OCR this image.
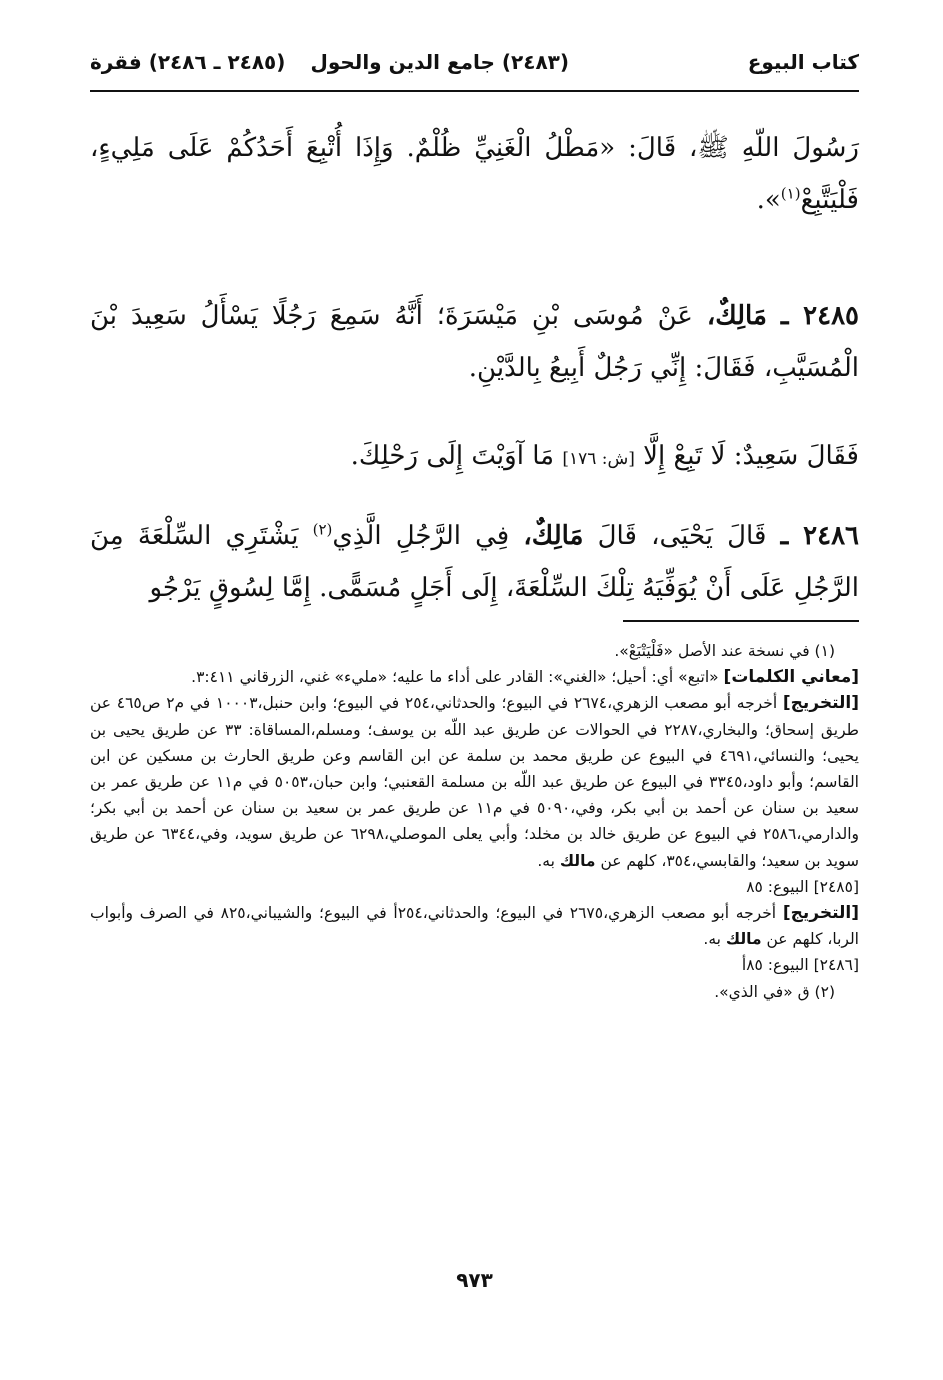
كتاب البيوع
(٢٤٨٣) جامع الدين والحول
(٢٤٨٥ ـ ٢٤٨٦) فقرة

رَسُولَ اللّهِ ﷺ، قَالَ: «مَطْلُ الْغَنِيِّ ظُلْمٌ. وَإِذَا أُتْبِعَ أَحَدُكُمْ عَلَى مَلِيءٍ، فَلْيَتَّبِعْ$^{(١)}$».

٢٤٨٥ ـ مَالِكٌ، عَنْ مُوسَى بْنِ مَيْسَرَةَ؛ أَنَّهُ سَمِعَ رَجُلًا يَسْأَلُ سَعِيدَ بْنَ الْمُسَيَّبِ، فَقَالَ: إِنِّي رَجُلٌ أَبِيعُ بِالدَّيْنِ.

فَقَالَ سَعِيدٌ: لَا تَبِعْ إِلَّا [ش: ١٧٦] مَا آوَيْتَ إِلَى رَحْلِكَ.

٢٤٨٦ ـ قَالَ يَحْيَى، قَالَ مَالِكٌ، فِي الرَّجُلِ الَّذِي$^{(٢)}$ يَشْتَرِي السِّلْعَةَ مِنَ الرَّجُلِ عَلَى أَنْ يُوَفِّيَهُ تِلْكَ السِّلْعَةَ، إِلَى أَجَلٍ مُسَمًّى. إِمَّا لِسُوقٍ يَرْجُو

(١) في نسخة عند الأصل «فَلْيَتْبَعْ».

[معاني الكلمات] «اتبع» أي: أحيل؛ «الغني»: القادر على أداء ما عليه؛ «مليء» غني، الزرقاني ٣:٤١١.

[التخريج] أخرجه أبو مصعب الزهري،٢٦٧٤ في البيوع؛ والحدثاني،٢٥٤ في البيوع؛ وابن حنبل،١٠٠٠٣ في م٢ ص٤٦٥ عن طريق إسحاق؛ والبخاري،٢٢٨٧ في الحوالات عن طريق عبد اللّه بن يوسف؛ ومسلم،المساقاة: ٣٣ عن طريق يحيى بن يحيى؛ والنسائي،٤٦٩١ في البيوع عن طريق محمد بن سلمة عن ابن القاسم وعن طريق الحارث بن مسكين عن ابن القاسم؛ وأبو داود،٣٣٤٥ في البيوع عن طريق عبد اللّه بن مسلمة القعنبي؛ وابن حبان،٥٠٥٣ في م١١ عن طريق عمر بن سعيد بن سنان عن أحمد بن أبي بكر، وفي،٥٠٩٠ في م١١ عن طريق عمر بن سعيد بن سنان عن أحمد بن أبي بكر؛ والدارمي،٢٥٨٦ في البيوع عن طريق خالد بن مخلد؛ وأبي يعلى الموصلي،٦٢٩٨ عن طريق سويد، وفي،٦٣٤٤ عن طريق سويد بن سعيد؛ والقابسي،٣٥٤، كلهم عن مالك به.

[٢٤٨٥] البيوع: ٨٥

[التخريج] أخرجه أبو مصعب الزهري،٢٦٧٥ في البيوع؛ والحدثاني،٢٥٤أ في البيوع؛ والشيباني،٨٢٥ في الصرف وأبواب الربا، كلهم عن مالك به.

[٢٤٨٦] البيوع: ٨٥أ

(٢) ق «في الذي».

٩٧٣
